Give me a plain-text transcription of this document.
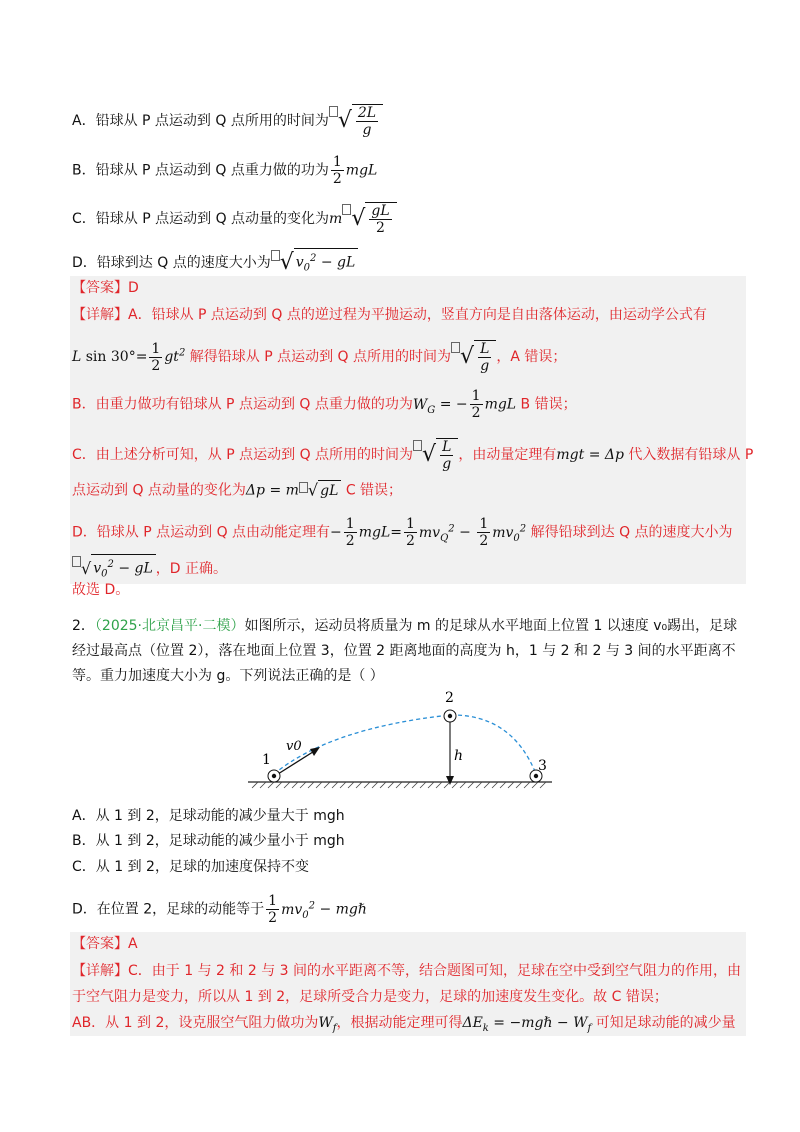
A．铅球从 P 点运动到 Q 点所用的时间为 √ $\frac{2L}{g}$
B．铅球从 P 点运动到 Q 点重力做的功为 $\frac{1}{2}$ mgL
C．铅球从 P 点运动到 Q 点动量的变化为m √ $\frac{gL}{2}$
D．铅球到达 Q 点的速度大小为 √ $v_0^2$ − gL
【答案】D
【详解】A．铅球从 P 点运动到 Q 点的逆过程为平抛运动，竖直方向是自由落体运动，由运动学公式有
L $\sin 30^\circ= \frac{1}{2} gt^2$ 解得铅球从 P 点运动到 Q 点所用的时间为 √ $\frac{L}{g}$ ，A 错误；
B．由重力做功有铅球从 P 点运动到 Q 点重力做的功为$W_G$ = − $\frac{1}{2}$ mgL B 错误；
C．由上述分析可知，从 P 点运动到 Q 点所用的时间为 √ $\frac{L}{g}$ ，由动量定理有mgt = Δp 代入数据有铅球从 P
点运动到 Q 点动量的变化为Δp = m √ gL C 错误；
D．铅球从 P 点运动到 Q 点由动能定理有− $\frac{1}{2} mgL= \frac{1}{2} mv_Q^2 - \frac{1}{2} mv_0^2$ 解得铅球到达 Q 点的速度大小为
√ $v_0^2$ − gL ，D 正确。
故选 D。
2．（2025·北京昌平·二模）如图所示，运动员将质量为 m 的足球从水平地面上位置 1 以速度 v₀踢出，足球
经过最高点（位置 2），落在地面上位置 3，位置 2 距离地面的高度为 h，1 与 2 和 2 与 3 间的水平距离不
等。重力加速度大小为 g。下列说法正确的是（ ）
1
2
3
h
v0
A．从 1 到 2，足球动能的减少量大于 mgh
B．从 1 到 2，足球动能的减少量小于 mgh
C．从 1 到 2，足球的加速度保持不变
D．在位置 2，足球的动能等于 $\frac{1}{2} mv_0^2$ − mgℏ
【答案】A
【详解】C．由于 1 与 2 和 2 与 3 间的水平距离不等，结合题图可知，足球在空中受到空气阻力的作用，由
于空气阻力是变力，所以从 1 到 2，足球所受合力是变力，足球的加速度发生变化。故 C 错误；
AB．从 1 到 2，设克服空气阻力做功为$W_f$，根据动能定理可得$\Delta E_k$ = −mgℏ − $W_f$ 可知足球动能的减少量
